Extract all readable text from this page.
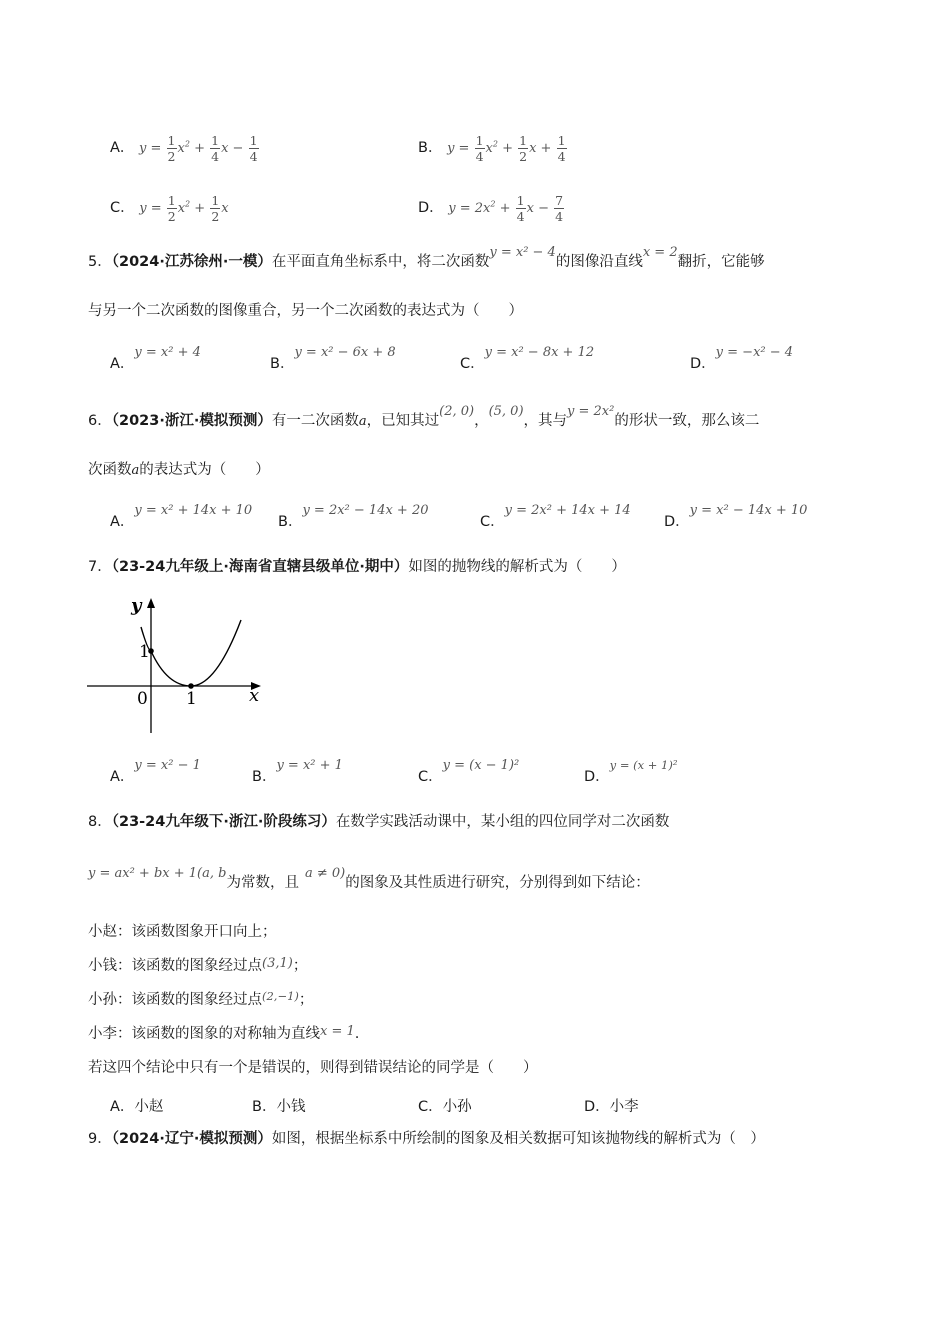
A． $y = \frac{1}{2} x^2 + \frac{1}{4}$ $x - \frac{1}{4}$	B． $y = \frac{1}{4} x^2 + \frac{1}{2}$ $x + \frac{1}{4}$
C． $y = \frac{1}{2} x^2 + \frac{1}{2}$ x	D． $y = 2x^2 + \frac{1}{4}$ $x - \frac{7}{4}$
5．（2024·江苏徐州·一模）在平面直角坐标系中，将二次函数y = x² − 4的图像沿直线x = 2翻折，它能够
与另一个二次函数的图像重合，另一个二次函数的表达式为（　　）
A．y = x² + 4
B．y = x² − 6x + 8
C．y = x² − 8x + 12
D．y = −x² − 4
6．（2023·浙江·模拟预测）有一二次函数a，已知其过(2, 0)，(5, 0)，其与y = 2x²的形状一致，那么该二
次函数a的表达式为（　　）
A．y = x² + 14x + 10
B．y = 2x² − 14x + 20
C．y = 2x² + 14x + 14
D．y = x² − 14x + 10
7．（23-24九年级上·海南省直辖县级单位·期中）如图的抛物线的解析式为（　　）
y
x
0
1
1
A．y = x² − 1
B．y = x² + 1
C．y = (x − 1)²
D．y = (x + 1)²
8．（23-24九年级下·浙江·阶段练习）在数学实践活动课中，某小组的四位同学对二次函数
y = ax² + bx + 1(a, b为常数，且a ≠ 0)的图象及其性质进行研究，分别得到如下结论：
小赵：该函数图象开口向上；
小钱：该函数的图象经过点(3,1)；
小孙：该函数的图象经过点$^{(2,-1)}$；
小李：该函数的图象的对称轴为直线x = 1.
若这四个结论中只有一个是错误的，则得到错误结论的同学是（　　）
A．小赵	B．小钱	C．小孙	D．小李
9．（2024·辽宁·模拟预测）如图，根据坐标系中所绘制的图象及相关数据可知该抛物线的解析式为（　）
